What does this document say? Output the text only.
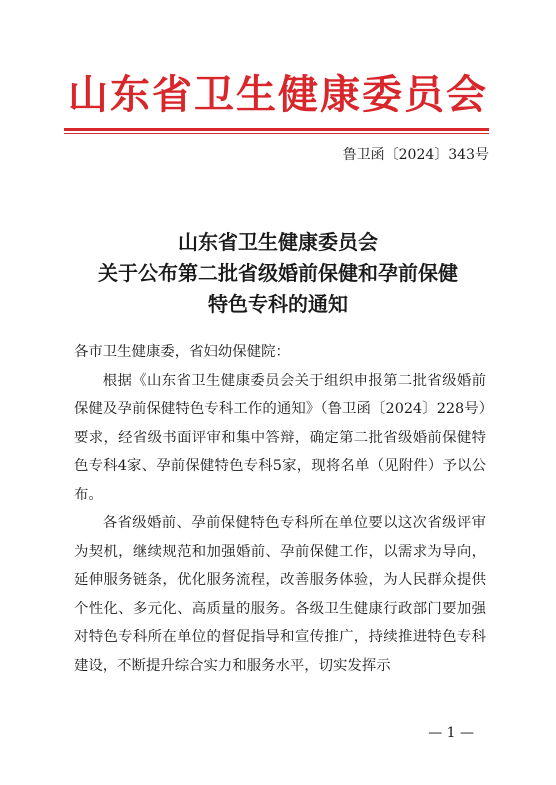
山东省卫生健康委员会
鲁卫函〔2024〕343号
山东省卫生健康委员会
关于公布第二批省级婚前保健和孕前保健
特色专科的通知

各市卫生健康委，省妇幼保健院：

根据《山东省卫生健康委员会关于组织申报第二批省级婚前保健及孕前保健特色专科工作的通知》（鲁卫函〔2024〕228号）要求，经省级书面评审和集中答辩，确定第二批省级婚前保健特色专科4家、孕前保健特色专科5家，现将名单（见附件）予以公布。

各省级婚前、孕前保健特色专科所在单位要以这次省级评审为契机，继续规范和加强婚前、孕前保健工作，以需求为导向，延伸服务链条，优化服务流程，改善服务体验，为人民群众提供个性化、多元化、高质量的服务。各级卫生健康行政部门要加强对特色专科所在单位的督促指导和宣传推广，持续推进特色专科建设，不断提升综合实力和服务水平，切实发挥示

— 1 —
